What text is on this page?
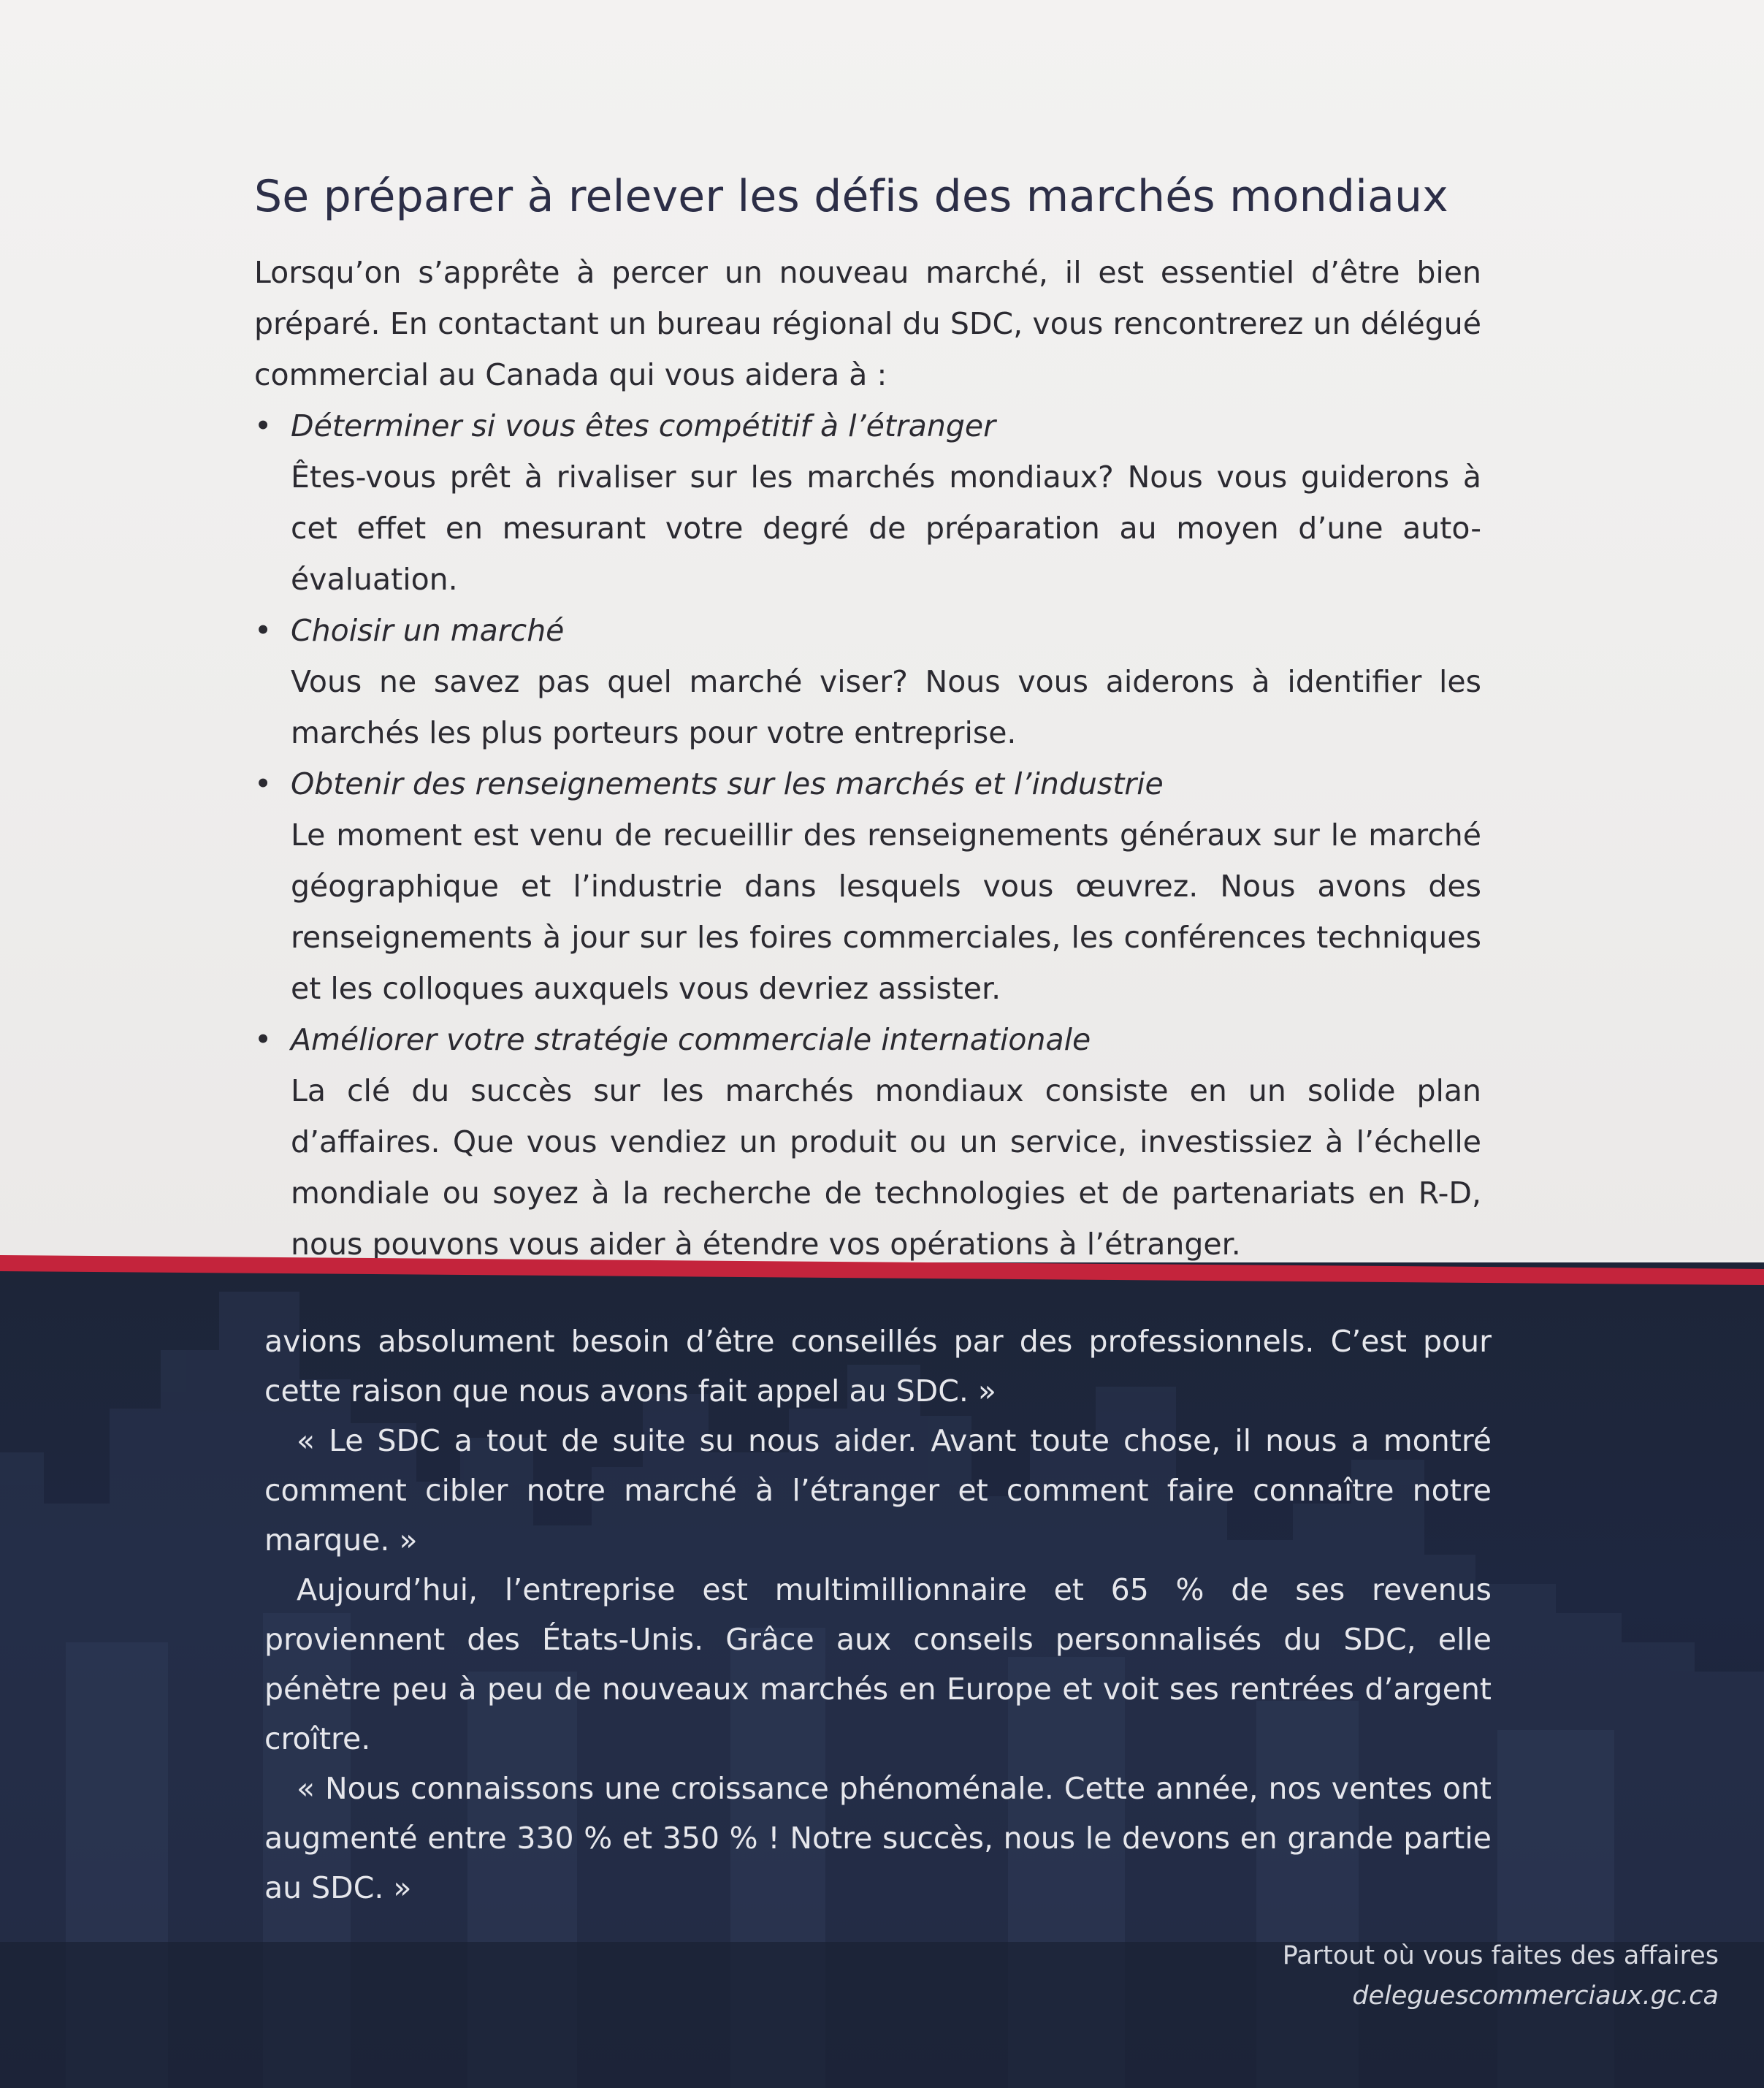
Se préparer à relever les défis des marchés mondiaux

Lorsqu’on s’apprête à percer un nouveau marché, il est essentiel d’être bien préparé. En contactant un bureau régional du SDC, vous rencontrerez un délégué commercial au Canada qui vous aidera à :

• Déterminer si vous êtes compétitif à l’étranger
Êtes-vous prêt à rivaliser sur les marchés mondiaux? Nous vous guiderons à cet effet en mesurant votre degré de préparation au moyen d’une auto-évaluation.
• Choisir un marché
Vous ne savez pas quel marché viser? Nous vous aiderons à identifier les marchés les plus porteurs pour votre entreprise.
• Obtenir des renseignements sur les marchés et l’industrie
Le moment est venu de recueillir des renseignements généraux sur le marché géographique et l’industrie dans lesquels vous œuvrez. Nous avons des renseignements à jour sur les foires commerciales, les conférences techniques et les colloques auxquels vous devriez assister.
• Améliorer votre stratégie commerciale internationale
La clé du succès sur les marchés mondiaux consiste en un solide plan d’affaires. Que vous vendiez un produit ou un service, investissiez à l’échelle mondiale ou soyez à la recherche de technologies et de partenariats en R-D, nous pouvons vous aider à étendre vos opérations à l’étranger.

avions absolument besoin d’être conseillés par des professionnels. C’est pour cette raison que nous avons fait appel au SDC. »

« Le SDC a tout de suite su nous aider. Avant toute chose, il nous a montré comment cibler notre marché à l’étranger et comment faire connaître notre marque. »

Aujourd’hui, l’entreprise est multimillionnaire et 65 % de ses revenus proviennent des États-Unis. Grâce aux conseils personnalisés du SDC, elle pénètre peu à peu de nouveaux marchés en Europe et voit ses rentrées d’argent croître.

« Nous connaissons une croissance phénoménale. Cette année, nos ventes ont augmenté entre 330 % et 350 % ! Notre succès, nous le devons en grande partie au SDC. »

Partout où vous faites des affaires
deleguescommerciaux.gc.ca
